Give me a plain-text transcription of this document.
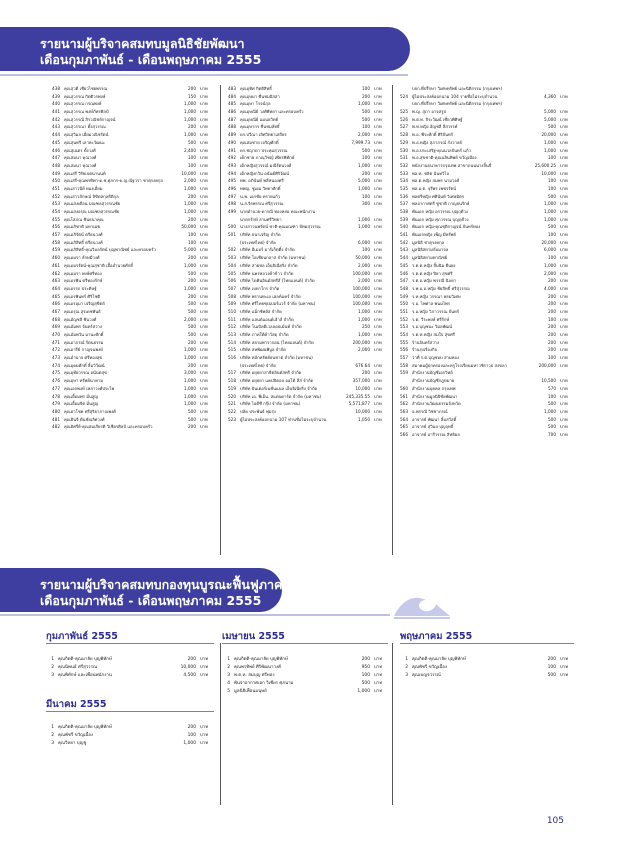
รายนามผู้บริจาคสมทบมูลนิธิชัยพัฒนา
เดือนกุมภาพันธ์ - เดือนพฤษภาคม 2555
438 คุณสุวดี เชียวไชยพรรณ	200 บาท
439 คุณสุวรรณ กิตติวรพงษ์	150 บาท
440 คุณสุวรรณ กรณพงษ์	1,000 บาท
441 คุณสุวรรณ พงษ์ภัทรศิลป์	1,000 บาท
442 คุณสุวรรณี สิรวณิชย์กาญจน์	1,000 บาท
443 คุณสุวรรณา ตั้งสุวรรณ	200 บาท
444 คุณสุวิมล เอี่ยมวณิชรัตน์	1,000 บาท
445 คุณสุนทรี เลาหะวัฒนะ	500 บาท
446 คุณสุเนตร ตั้งวงศ์	2,400 บาท
447 คุณสมนา คุณวงศ์	100 บาท
448 คุณสมนา คุณวงศ์	100 บาท
449 คุณเสรี วิริยเจตนานนท์	10,000 บาท
450 คุณเสรี-คุณพรทิพา-ด.ช.ศุภกร-ด.ญ.ณัฐวรา ชาตุรงคกุล	2,000 บาท
451 คุณเสาวนีย์ ทองเอี่ยม	1,000 บาท
452 คุณเสาวลักษณ์ ลิขิตสกุลธิติกุล	200 บาท
453 คุณแสงเดือน มณฑลสุวรรณชัย	1,000 บาท
454 คุณแสงอรุณ มณฑลสุวรรณชัย	1,000 บาท
455 คุณโสภณ ชินธนาคุณ	200 บาท
456 คุณอภิชาติ มหาเมฆ	50,000 บาท
457 คุณอภิรัตน์ ตรีธนวงศ์	100 บาท
458 คุณอภิสิทธิ์ ตรีธนวงศ์	100 บาท
459 คุณอภิสิทธิ์-คุณวิมลรัตน์ บุญพาณิชย์ และครอบครัว	5,000 บาท
460 คุณอมรา ลักษมีวงศ์	200 บาท
461 คุณอมรรัตน์-คุณสุชาติ เอื้ออำนวยศักดิ์	1,000 บาท
462 คุณอมรา พงษ์ศรีทอง	500 บาท
463 คุณอรพิน ตรีทองรักษ์	200 บาท
464 คุณอรรถ ประดิษฐ์	1,000 บาท
465 คุณอรพินทร์ ศิริโชติ	200 บาท
466 คุณอรอุมา เจริญสุขิตย์	500 บาท
467 คุณอรุณ สุรเดชพันธ์	500 บาท
468 คุณอัญชลี ชินวงศ์	2,000 บาท
469 คุณอัมพร จันทร์สว่าง	500 บาท
470 คุณอัมพวัน มานะศักดิ์	500 บาท
471 คุณอาภรณ์ รัตนธรรม	200 บาท
472 คุณอารีย์ กาญจนพงษ์	1,000 บาท
473 คุณอำนาจ ศรีทองสุข	1,000 บาท
474 คุณอุดมศักดิ์ ลิ้มวิวัฒน์	200 บาท
475 คุณอุทัยวรรณ อนันตสุข	3,000 บาท
476 คุณอุษา ทรัพย์นาคาม	1,000 บาท
477 คุณเอกพงษ์ เหล่าวงศ์ประไพ	1,000 บาท
478 คุณเอื้อมพร มั่นสูญ	1,000 บาท
479 คุณเอื้อมจิต มั่นสูญ	1,000 บาท
480 คุณฮาโชค ศรีสุริยาภาณพงศ์	500 บาท
481 คุณฮินจี ตันชัยเลิศวงศ์	500 บาท
482 คุณอิศรีย์-คุณสมเกียรติ วิเชียรศิลป์ และครอบครัว	200 บาท
483 คุณอุทิศ กิตติสิทธิ์	100 บาท
484 คุณอุษมา ชื่นชมอิสสา	200 บาท
485 คุณอุษา โรจน์กุล	1,000 บาท
486 คุณอุษณีย์ วงศ์พิทยา และครอบครัว	500 บาท
487 คุณอุษณีย์ แมนธวิทย์	500 บาท
488 คุณอุษากร ชื่นชมลัทธิ์	100 บาท
489 ดร.ปวีณา เลิศวิทยาเสถียร	2,000 บาท
490 คุณสมชาย เจริญศักดิ์	7,999.73 บาท
491 ดร.ชญาดา ประทุมสุวรรณ	500 บาท
492 เด็กชาย ภาณุวิชญ์ เพียรพิทักษ์	100 บาท
493 เด็กหญิงสุวรรณ์ มณีรัตนวงศ์	1,000 บาท
494 เด็กหญิงกวิน อนันต์ศิริวัฒน์	200 บาท
495 ทพ. อภินันท์ พลีหนองศรี	5,000 บาท
496 ทพญ. ชูเอม วิทยาศักดิ์	1,000 บาท
497 น.พ. เอกชัย ทรายแก้ว	100 บาท
498 น.ส.จิรพรรณ ศรีสุวรรณ	300 บาท
499 นายอำนวย-ดารณี ทองหล่อ คณะพนักงาน
นายกรักษ์ สามศรีวิทยา	1,000 บาท
500 นางสาวนพรัตน์ ชาติ-คุณมณฑา ปัทมสุวรรณ	1,000 บาท
501 บริษัท ธนาเจริญ จำกัด
(ประเทศไทย) จำกัด	6,000 บาท
502 บริษัท อีเมอร์ มาร์เก็ตติ้ง จำกัด	100 บาท
503 บริษัท โอเชียนกลาส จำกัด (มหาชน)	50,000 บาท
504 บริษัท สายชล เอ็นจิเนียริ่ง จำกัด	2,000 บาท
505 บริษัท นครหลวงค้าข้าว จำกัด	100,000 บาท
506 บริษัท ไดคินอินดัสทรีส์ (ไทยแลนด์) จำกัด	2,000 บาท
507 บริษัท เบทาโกร จำกัด	100,000 บาท
508 บริษัท พรานทะเล เฮลท์แคร์ จำกัด	100,000 บาท
509 บริษัท ศรีไทยซุปเปอร์แวร์ จำกัด (มหาชน)	100,000 บาท
510 บริษัท แม็กซ์พลัส จำกัด	1,000 บาท
511 บริษัท แลนด์แอนด์เฮ้าส์ จำกัด	1,000 บาท
512 บริษัท โนเบิลดีเวลลอปเม้นท์ จำกัด	250 บาท
513 บริษัท ภาคใต้ค้าวัสดุ จำกัด	1,000 บาท
514 บริษัท สยามพารากอน (ไทยแลนด์) จำกัด	200,000 บาท
515 บริษัท สหพัฒนพิบูล จำกัด	2,000 บาท
516 บริษัท หลักทรัพย์ธนชาต จำกัด (มหาชน)
(ประเทศไทย) จำกัด	676.64 บาท
517 บริษัท อยุธยาสาธิตอินดัสทรี จำกัด	200 บาท
518 บริษัท อยุธยา แคปปิตอล ออโต้ ลีส จำกัด	357,000 บาท
519 บริษัท อินเตอร์เนชั่นแนล เอ็นจิเนียริ่ง จำกัด	10,000 บาท
520 บริษัท เอ. พีเอ็น. สแตนดาร์ด จำกัด (มหาชน)	245,335.55 บาท
521 บริษัท ไอดีซี กรุ๊ป จำกัด (มหาชน)	5,571,877 บาท
522 ปลัด ประพันธ์ พุ่มรุ่ง	10,000 บาท
523 ผู้ไม่ประสงค์ออกนาม 107 ท่านชื่อไม่ระบุจำนวน	1,050 บาท
บจก.ที่ปรึกษา วิเศษทรัพย์ และนิติกรรม (กรุงเทพฯ)
524 ผู้ไม่ประสงค์ออกนาม 104 รายชื่อไม่ระบุจำนวน	4,360 บาท
บจก.ที่ปรึกษา วิเศษทรัพย์ และนิติกรรม (กรุงเทพฯ)
525 พ.ญ. สุภา อาจสรูป	5,000 บาท
526 พ.ต.ท. จิระวัฒน์ เชี่ยวพิศิษฐ์	5,000 บาท
527 พ.ท.หญิง อัญชลี ลีสวรรค์	500 บาท
528 พ.อ. พีระศักดิ์ ศิริจันทร์	20,000 บาท
529 พ.อ.หญิง สุภาภรณ์ กังวาลย์	1,000 บาท
530 พ.อ.ประเสริฐ-คุณนวลจันทร์ แก้ว	1,000 บาท
531 พ.อ.สุขชาติ-คุณนลินทิพย์ ขวัญเมือง	100 บาท
532 พนักงานธนาคารกรุงเทพ สาขาถนนนางลิ้นจี่	25,600.25 บาท
533 พล.ท. ชลิต ฉันทวิไล	10,000 บาท
534 พล.ต.หญิง สมพร นามวงศ์	100 บาท
535 พล.อ.ต. จุรีพร เพชรรัตน์	100 บาท
536 พลตรีหญิง ศศินันท์ วิเศษมิตร	500 บาท
537 พลอากาศตรี ชูชาติ กาญจนรักษ์	1,000 บาท
538 พันเอก หญิง อรวรรณ บุญฤดีวง	1,000 บาท
539 พันเอก หญิง ศุภวรรณ บุญฤดีวง	1,000 บาท
540 พันเอก หญิง-คุณชุติกาญจน์ จันทร์ทอง	500 บาท
541 พันเอกหญิง เพ็ญ มีทรัพย์	100 บาท
542 มูลนิธิ ชาตุรงคกุล	20,000 บาท
543 มูลนิธิสยามกัมมาจล	6,000 บาท
544 มูลนิธิสยามพาณิชย์	100 บาท
545 ร.ต.ต.หญิง ลิ้มฉิม ยืนยง	1,000 บาท
546 ร.ต.ต.หญิง ปิยา สุขศรี	2,000 บาท
547 ร.ต.อ.หญิง พรรณี นิลดา	200 บาท
548 ร.พ.อ.อ.หญิง ชัยสิทธิ์ ศรีสุวรรณ	4,000 บาท
549 ร.ท.หญิง วรรณา พรมวิเศษ	200 บาท
550 ร.อ. ไพศาล พนมไพร	200 บาท
551 ร.อ.หญิง วิภาวรรณ จันทร์	200 บาท
552 ร.ต. วีระพงษ์ ศรีรักษ์	100 บาท
553 ร.อ.บุญชนะ วิมลพัฒน์	200 บาท
554 ร.ต.ท.หญิง สมใจ สุขศรี	200 บาท
555 ร้านจันทร์สว่าง	200 บาท
556 ร้านรุ่งเรืองกิจ	200 บาท
557 ว่าที่ ร.ต.บุญชอบ สามทอง	100 บาท
558 สมาคมผู้ปกครองและครูโรงเรียนมหาวชิราวุธ สงขลา	200,000 บาท
559 สำนักงานบัญชีเอกวิทย์
สำนักงานบัญชีกฎหมาย	10,500 บาท
560 สำนักงานบุคคล กรุงเทพ	570 บาท
561 สำนักงานมูลนิธิชัยพัฒนา	100 บาท
562 สำนักงานวัฒนธรรมจังหวัด	500 บาท
563 อ.พรรณี วิชชาภรณ์	1,000 บาท
564 อาจารย์ พัฒนา ลิ้มสวัสดิ์	500 บาท
565 อาจารย์ สุวิมล บุญฤทธิ์	500 บาท
566 อาจารย์ อารีวรรณ สิทธิผล	700 บาท
รายนามผู้บริจาคสมทบกองทุนบูรณะฟื้นฟูภาคใต้
เดือนกุมภาพันธ์ - เดือนพฤษภาคม 2555
กุมภาพันธ์ 2555
1 คุณกิตติ-คุณมาลัย บุญพิทักษ์	200 บาท
2 คุณนิพนธ์ ศรีสุวรรณ	10,000 บาท
3 คุณพิทักษ์ และเพื่อนพนักงาน	4,500 บาท
มีนาคม 2555
1 คุณกิตติ-คุณมาลัย บุญพิทักษ์	200 บาท
2 คุณพัชรี ขวัญเมือง	100 บาท
3 คุณวิทยา บุญชู	1,000 บาท
เมษายน 2555
1 คุณกิตติ-คุณมาลัย บุญพิทักษ์	200 บาท
2 คุณพรทิพย์ ศิริพัฒนาวงศ์	950 บาท
3 พ.ต.ท. สมบุญ ศรีทอง	100 บาท
4 พันจ่าอากาศเอก วิเชียร ศุภนาม	500 บาท
5 มูลนิธิเพื่อนมนุษย์	1,000 บาท
พฤษภาคม 2555
1 คุณกิตติ-คุณมาลัย บุญพิทักษ์	200 บาท
2 คุณพัชรี ขวัญเมือง	100 บาท
3 คุณเบญจวรรณ์	500 บาท
105
